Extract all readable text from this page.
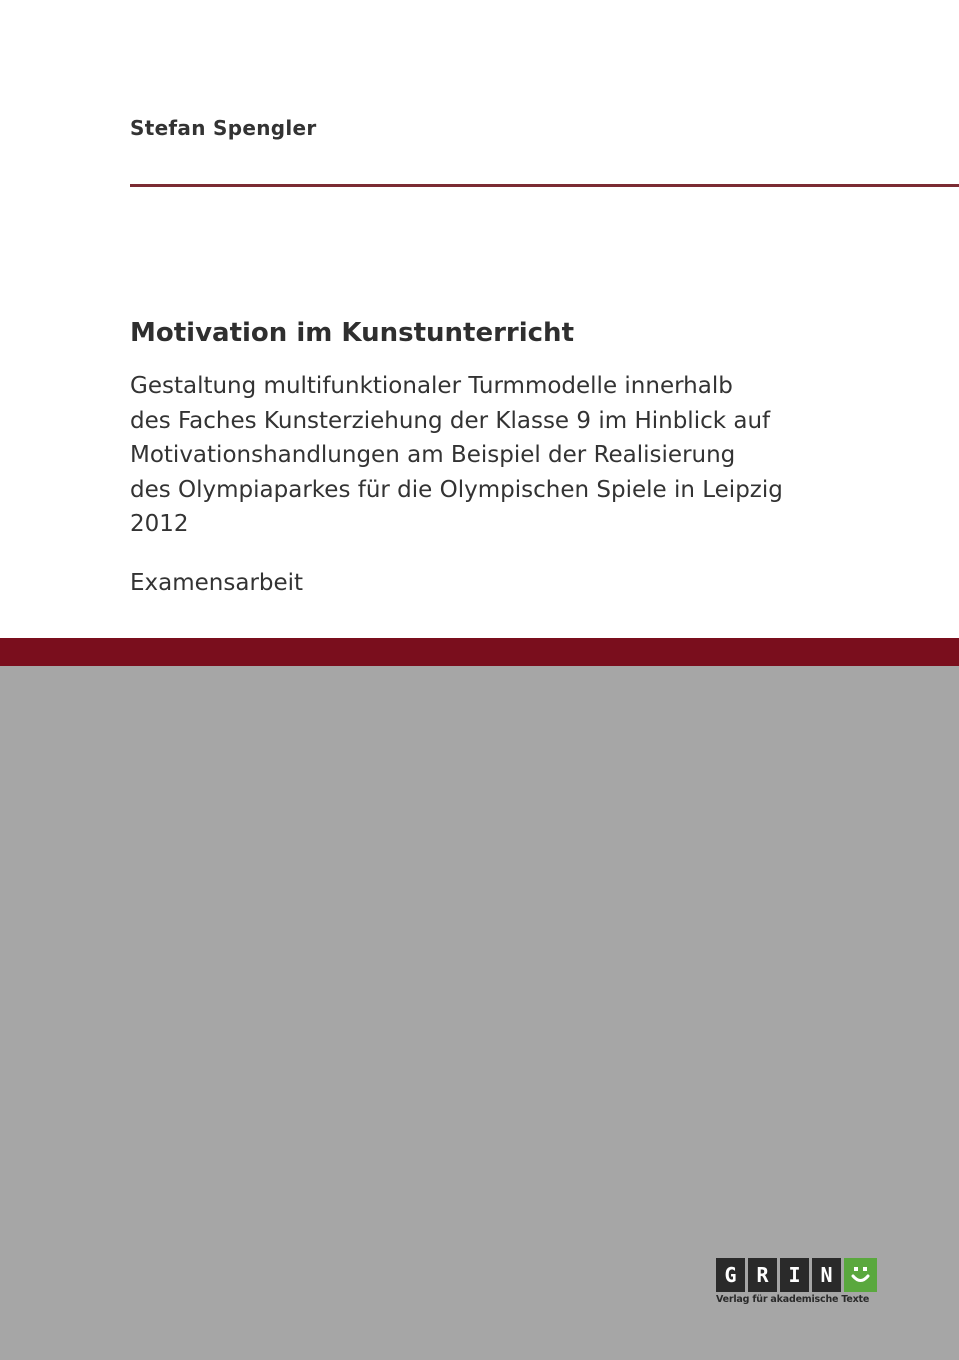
Stefan Spengler
Motivation im Kunstunterricht
Gestaltung multifunktionaler Turmmodelle innerhalb
des Faches Kunsterziehung der Klasse 9 im Hinblick auf
Motivationshandlungen am Beispiel der Realisierung
des Olympiaparkes für die Olympischen Spiele in Leipzig
2012
Examensarbeit
G R I N
Verlag für akademische Texte
